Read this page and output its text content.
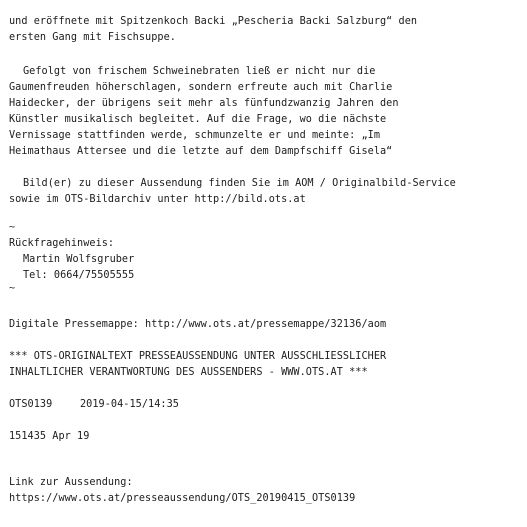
und eröffnete mit Spitzenkoch Backi „Pescheria Backi Salzburg“ den

ersten Gang mit Fischsuppe.

Gefolgt von frischem Schweinebraten ließ er nicht nur die

Gaumenfreuden höherschlagen, sondern erfreute auch mit Charlie

Haidecker, der übrigens seit mehr als fünfundzwanzig Jahren den

Künstler musikalisch begleitet. Auf die Frage, wo die nächste

Vernissage stattfinden werde, schmunzelte er und meinte: „Im

Heimathaus Attersee und die letzte auf dem Dampfschiff Gisela“

Bild(er) zu dieser Aussendung finden Sie im AOM / Originalbild-Service

sowie im OTS-Bildarchiv unter http://bild.ots.at

~

Rückfragehinweis:

Martin Wolfsgruber

Tel: 0664/75505555

~

Digitale Pressemappe: http://www.ots.at/pressemappe/32136/aom

*** OTS-ORIGINALTEXT PRESSEAUSSENDUNG UNTER AUSSCHLIESSLICHER

INHALTLICHER VERANTWORTUNG DES AUSSENDERS - WWW.OTS.AT ***

OTS0139	2019-04-15/14:35

151435 Apr 19

Link zur Aussendung:

https://www.ots.at/presseaussendung/OTS_20190415_OTS0139
